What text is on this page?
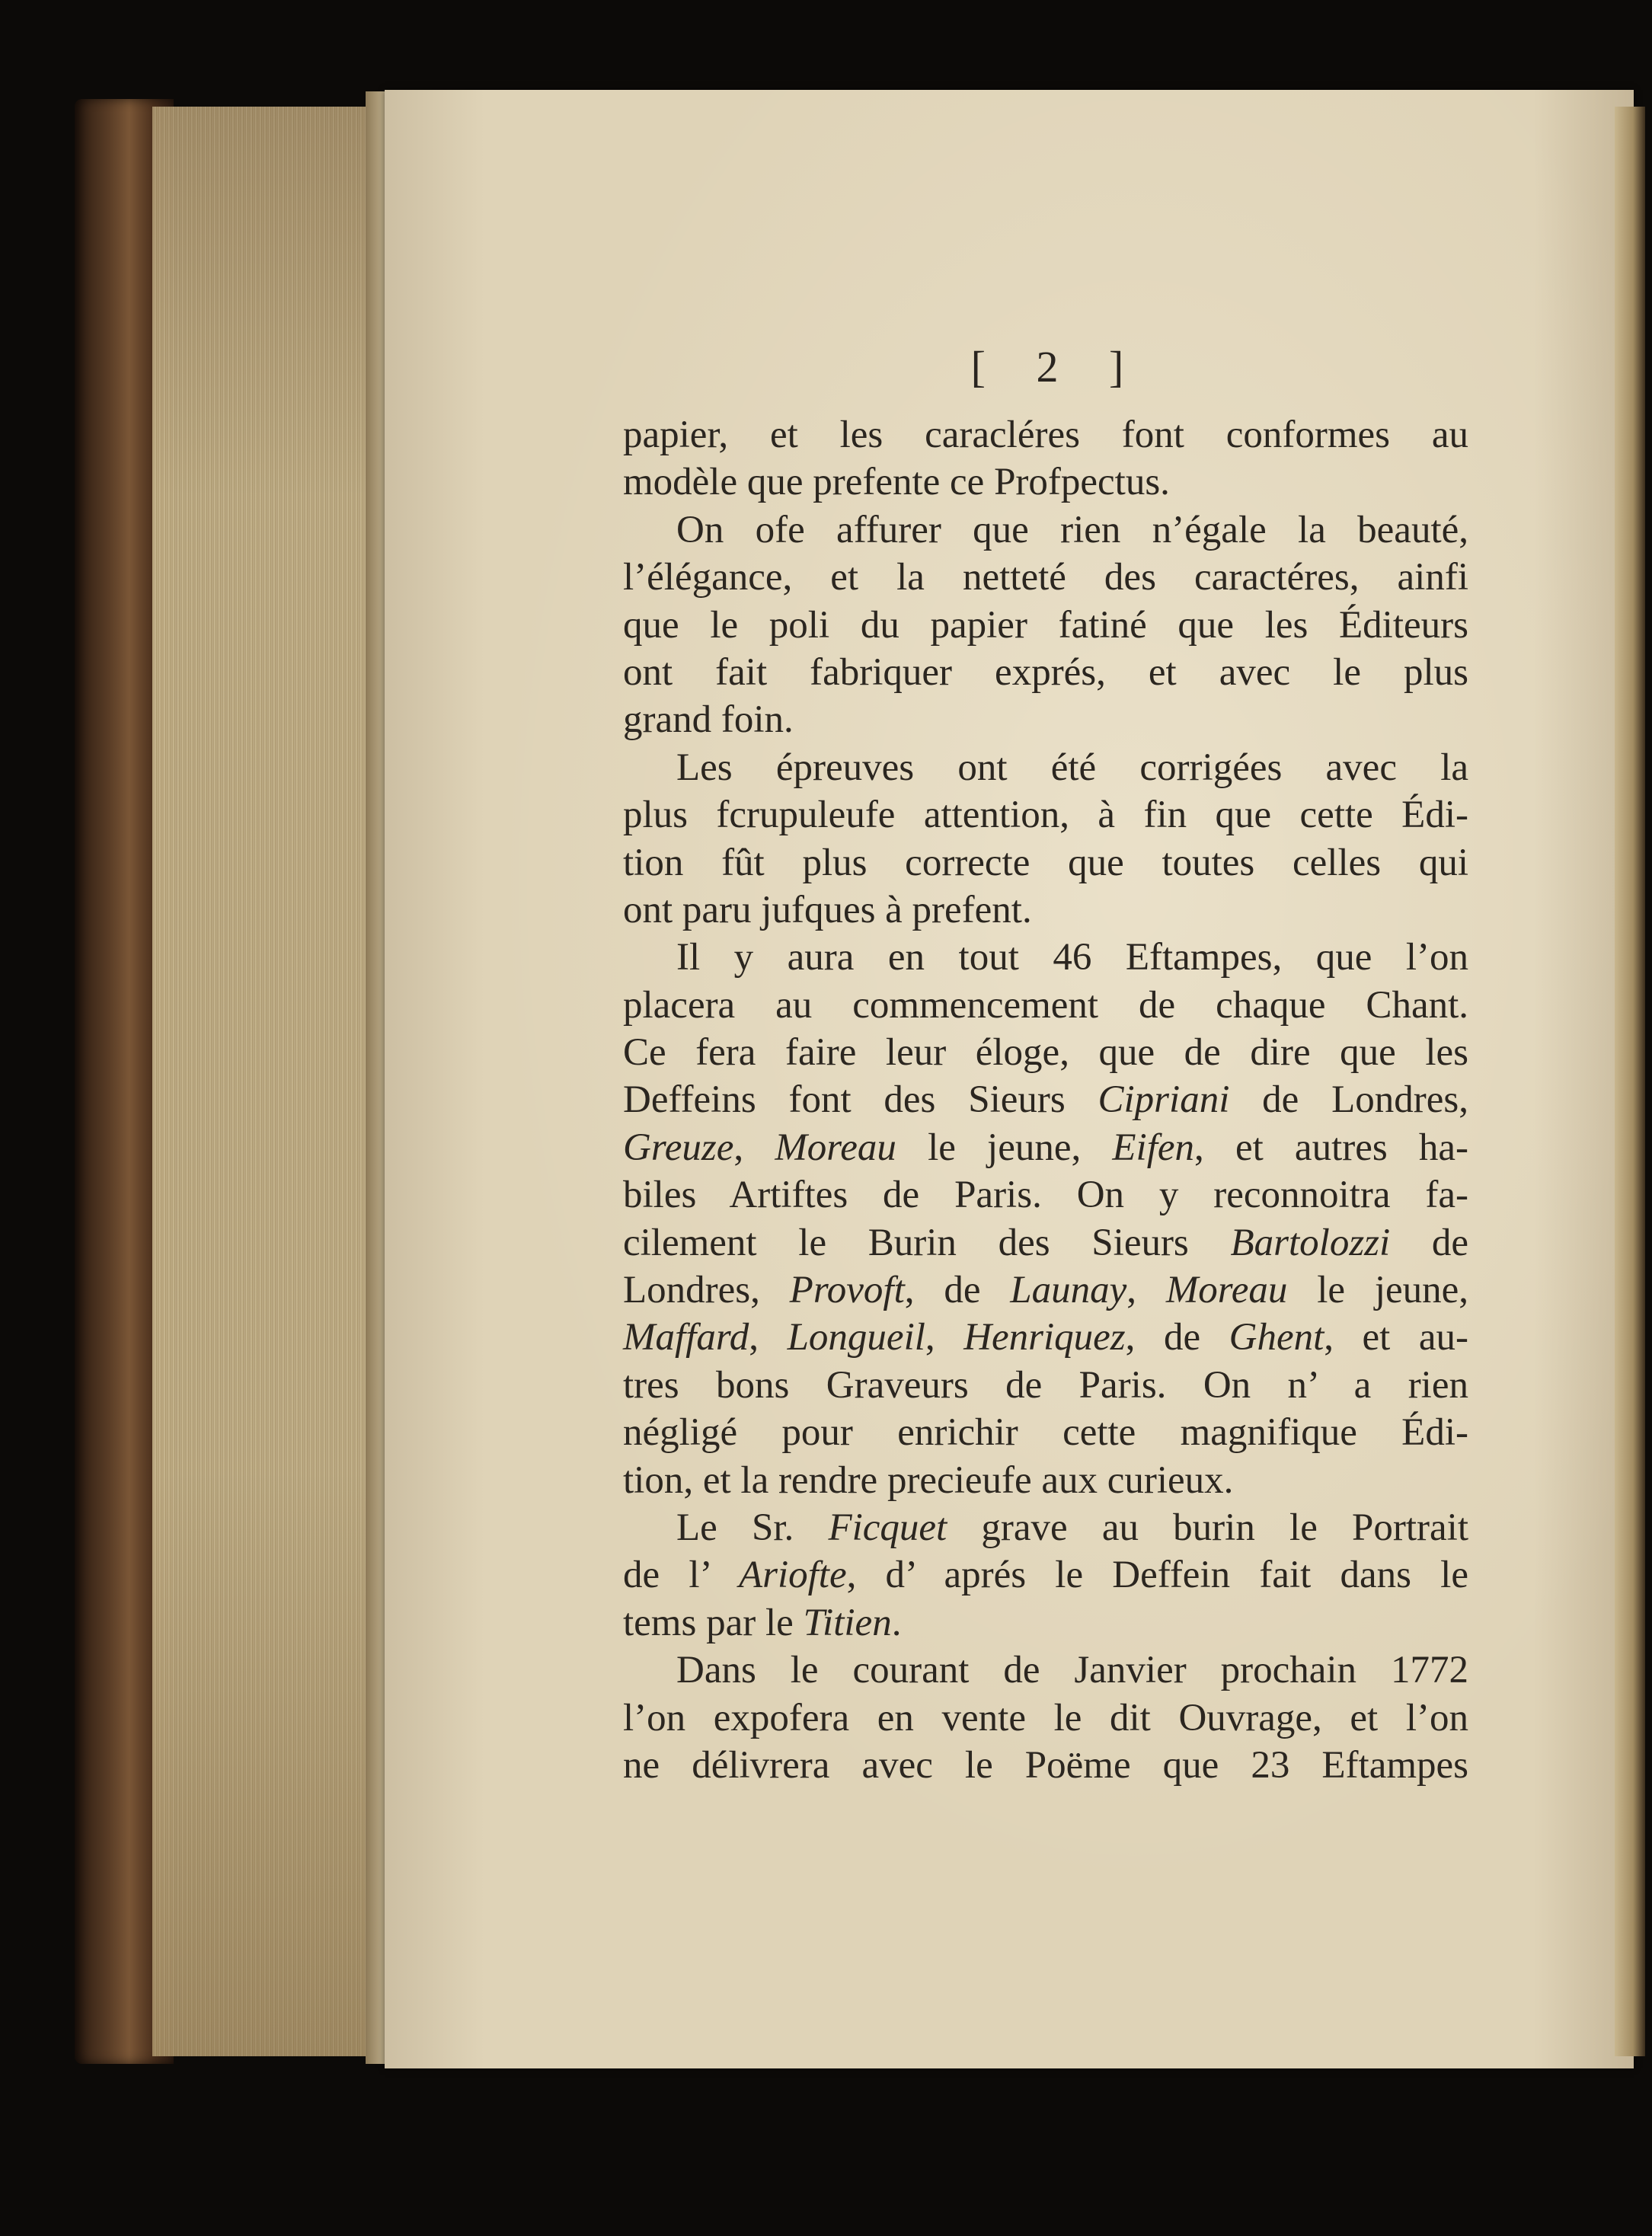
[ 2 ]
papier, et les caracléres font conformes au
modèle que prefente ce Profpectus.
On ofe affurer que rien n’égale la beauté,
l’élégance, et la netteté des caractéres, ainfi
que le poli du papier fatiné que les Éditeurs
ont fait fabriquer exprés, et avec le plus
grand foin.
Les épreuves ont été corrigées avec la
plus fcrupuleufe attention, à fin que cette Édi-
tion fût plus correcte que toutes celles qui
ont paru jufques à prefent.
Il y aura en tout 46 Eftampes, que l’on
placera au commencement de chaque Chant.
Ce fera faire leur éloge, que de dire que les
Deffeins font des Sieurs Cipriani de Londres,
Greuze, Moreau le jeune, Eifen, et autres ha-
biles Artiftes de Paris. On y reconnoitra fa-
cilement le Burin des Sieurs Bartolozzi de
Londres, Provoft, de Launay, Moreau le jeune,
Maffard, Longueil, Henriquez, de Ghent, et au-
tres bons Graveurs de Paris. On n’ a rien
négligé pour enrichir cette magnifique Édi-
tion, et la rendre precieufe aux curieux.
Le Sr. Ficquet grave au burin le Portrait
de l’ Ariofte, d’ aprés le Deffein fait dans le
tems par le Titien.
Dans le courant de Janvier prochain 1772
l’on expofera en vente le dit Ouvrage, et l’on
ne délivrera avec le Poëme que 23 Eftampes
